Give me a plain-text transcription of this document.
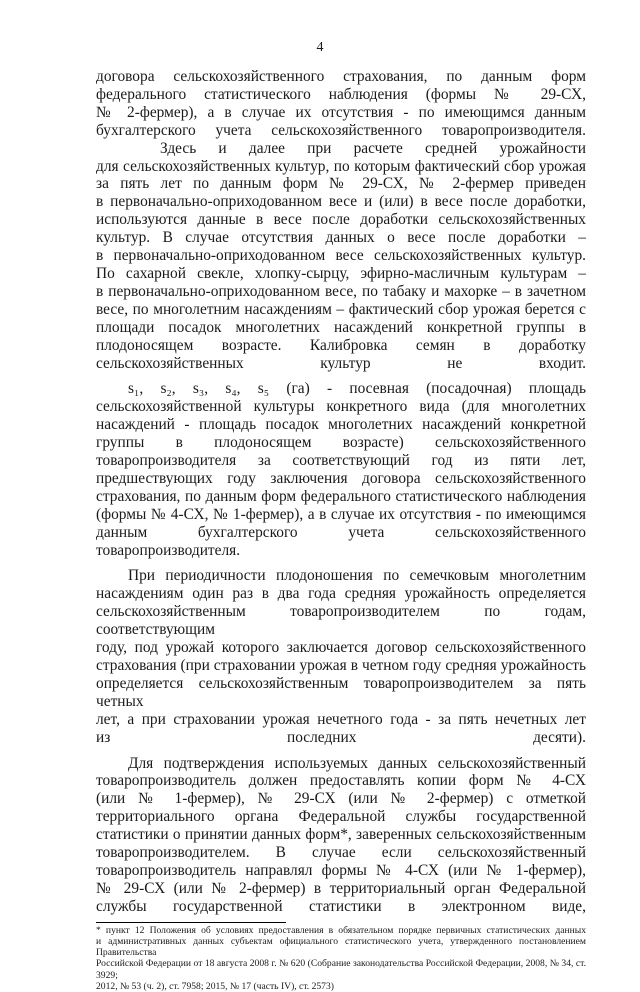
4
договора сельскохозяйственного страхования, по данным форм
федерального статистического наблюдения (формы № 29-СХ,
№ 2-фермер), а в случае их отсутствия - по имеющимся данным
бухгалтерского учета сельскохозяйственного товаропроизводителя.
Здесь и далее при расчете средней урожайности
для сельскохозяйственных культур, по которым фактический сбор урожая
за пять лет по данным форм № 29-СХ, № 2-фермер приведен
в первоначально-оприходованном весе и (или) в весе после доработки,
используются данные в весе после доработки сельскохозяйственных
культур. В случае отсутствия данных о весе после доработки –
в первоначально-оприходованном весе сельскохозяйственных культур.
По сахарной свекле, хлопку-сырцу, эфирно-масличным культурам –
в первоначально-оприходованном весе, по табаку и махорке – в зачетном
весе, по многолетним насаждениям – фактический сбор урожая берется с
площади посадок многолетних насаждений конкретной группы в
плодоносящем возрасте. Калибровка семян в доработку
сельскохозяйственных культур не входит.
s₁, s₂, s₃, s₄, s₅ (га) - посевная (посадочная) площадь
сельскохозяйственной культуры конкретного вида (для многолетних
насаждений - площадь посадок многолетних насаждений конкретной
группы в плодоносящем возрасте) сельскохозяйственного
товаропроизводителя за соответствующий год из пяти лет,
предшествующих году заключения договора сельскохозяйственного
страхования, по данным форм федерального статистического наблюдения
(формы № 4-СХ, № 1-фермер), а в случае их отсутствия - по имеющимся
данным бухгалтерского учета сельскохозяйственного
товаропроизводителя.
При периодичности плодоношения по семечковым многолетним
насаждениям один раз в два года средняя урожайность определяется
сельскохозяйственным товаропроизводителем по годам, соответствующим
году, под урожай которого заключается договор сельскохозяйственного
страхования (при страховании урожая в четном году средняя урожайность
определяется сельскохозяйственным товаропроизводителем за пять четных
лет, а при страховании урожая нечетного года - за пять нечетных лет
из последних десяти).
Для подтверждения используемых данных сельскохозяйственный
товаропроизводитель должен предоставлять копии форм № 4-СХ
(или № 1-фермер), № 29-СХ (или № 2-фермер) с отметкой
территориального органа Федеральной службы государственной
статистики о принятии данных форм*, заверенных сельскохозяйственным
товаропроизводителем. В случае если сельскохозяйственный
товаропроизводитель направлял формы № 4-СХ (или № 1-фермер),
№ 29-СХ (или № 2-фермер) в территориальный орган Федеральной
службы государственной статистики в электронном виде,
* пункт 12 Положения об условиях предоставления в обязательном порядке первичных статистических данных
и административных данных субъектам официального статистического учета, утвержденного постановлением Правительства
Российской Федерации от 18 августа 2008 г. № 620 (Собрание законодательства Российской Федерации, 2008, № 34, ст. 3929;
2012, № 53 (ч. 2), ст. 7958; 2015, № 17 (часть IV), ст. 2573)
